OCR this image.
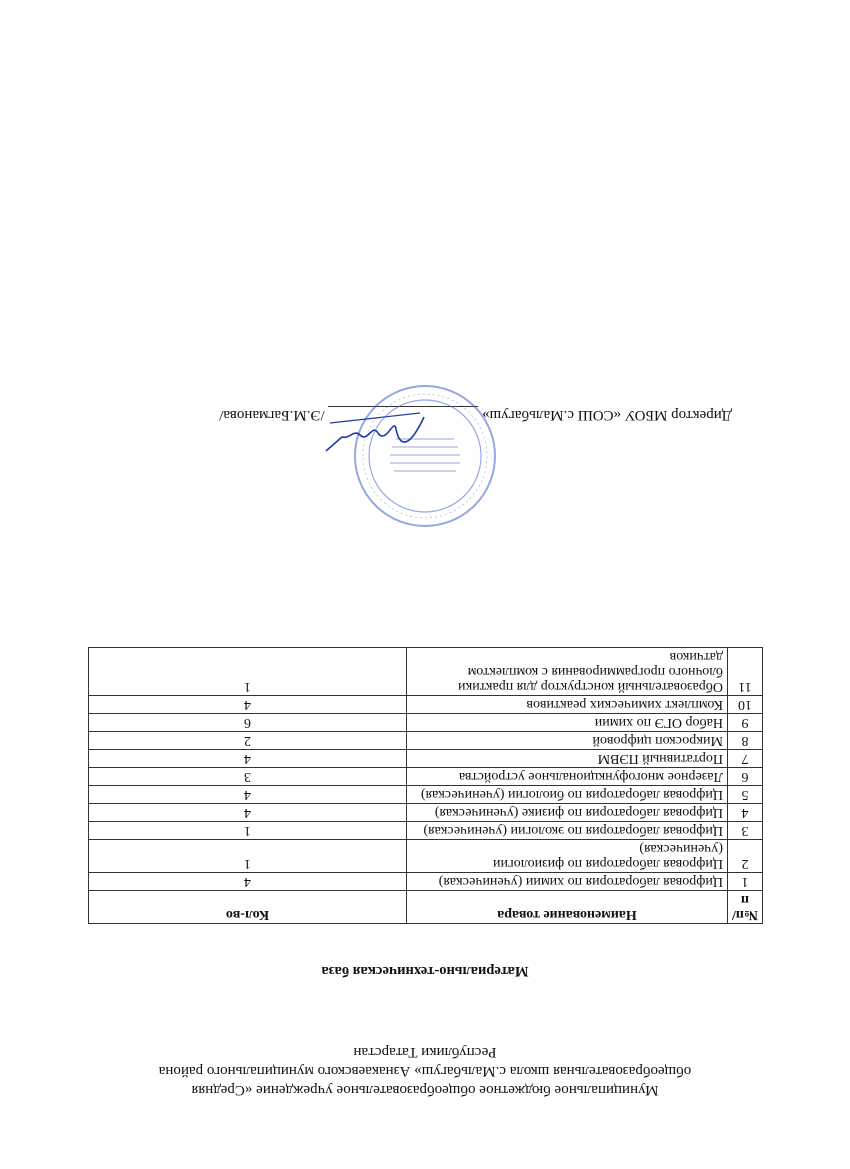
Муниципальное бюджетное общеобразовательное учреждение «Средняя
общеобразовательная школа с.Мальбагуш» Азнакаевского муниципального района
Республики Татарстан
Материально-техническая база
№п/п	Наименование товара	Кол-во
1	Цифровая лаборатория по химии (ученическая)	4
2	Цифровая лаборатория по физиологии (ученическая)	1
3	Цифровая лаборатория по экологии (ученическая)	1
4	Цифровая лаборатория по физике (ученическая)	4
5	Цифровая лаборатория по биологии (ученическая)	4
6	Лазерное многофункциональное устройства	3
7	Портативный ПЭВМ	4
8	Микроскоп цифровой	2
9	Набор ОГЭ по химии	6
10	Комплект химических реактивов	4
11	Образовательный конструктор для практики блочного программирования с комплектом датчиков	1
Директор МБОУ «СОШ с.Мальбагуш»  /Э.М.Багманова/
